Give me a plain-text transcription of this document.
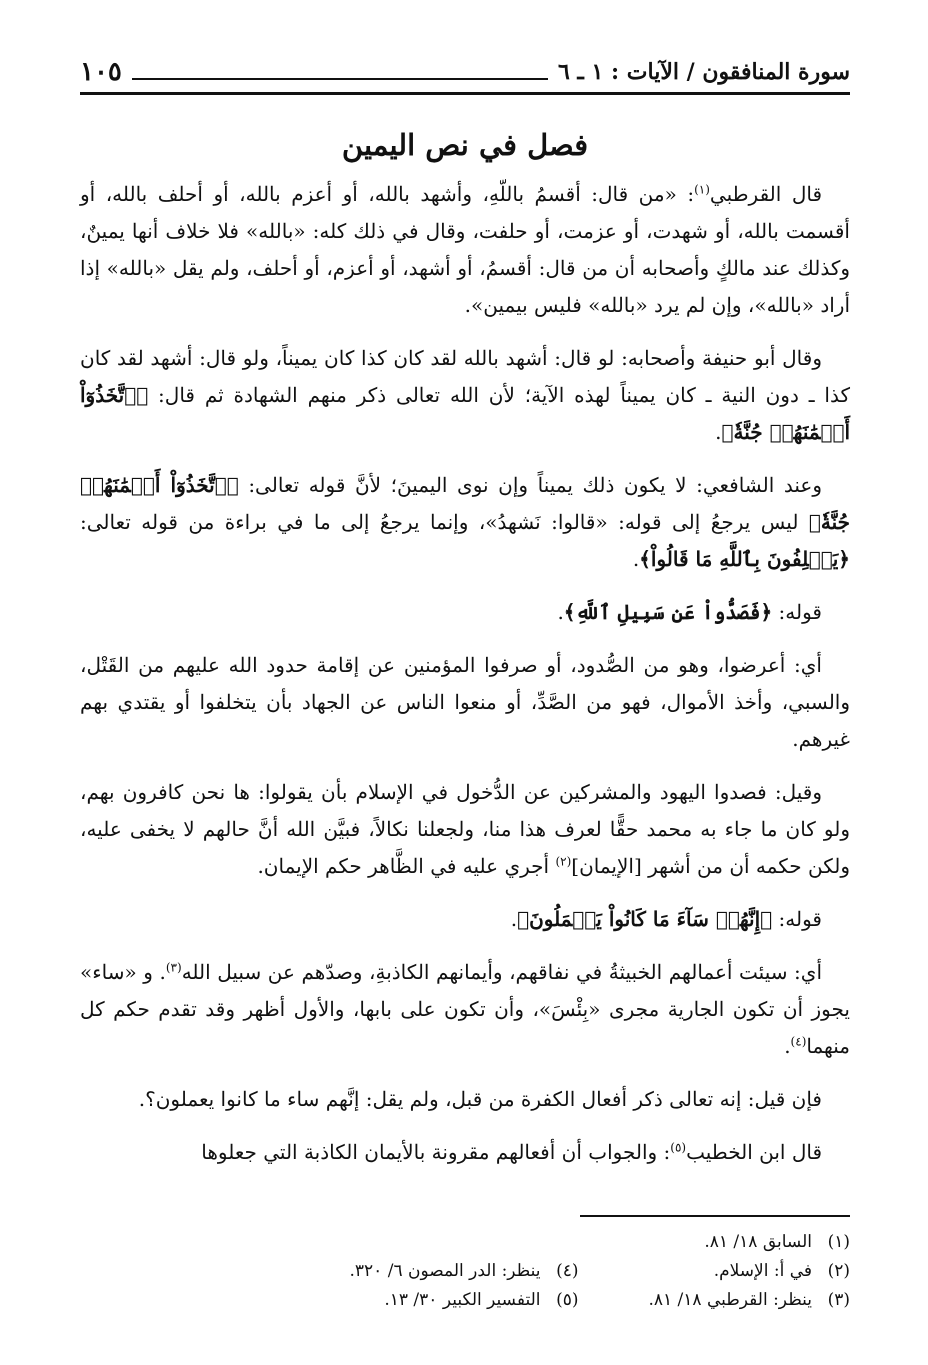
سورة المنافقون / الآيات : ١ ـ ٦
١٠٥
فصل في نص اليمين

قال القرطبي$^{(١)}$: «من قال: أقسمُ باللّهِ، وأشهد بالله، أو أعزم بالله، أو أحلف بالله، أو أقسمت بالله، أو شهدت، أو عزمت، أو حلفت، وقال في ذلك كله: «بالله» فلا خلاف أنها يمينٌ، وكذلك عند مالكٍ وأصحابه أن من قال: أقسمُ، أو أشهد، أو أعزم، أو أحلف، ولم يقل «بالله» إذا أراد «بالله»، وإن لم يرد «بالله» فليس بيمين».

وقال أبو حنيفة وأصحابه: لو قال: أشهد بالله لقد كان كذا كان يميناً، ولو قال: أشهد لقد كان كذا ـ دون النية ـ كان يميناً لهذه الآية؛ لأن الله تعالى ذكر منهم الشهادة ثم قال: ﴿ٱتَّخَذُوٓاْ أَيۡمَٰنَهُمۡ جُنَّةٗ﴾.

وعند الشافعي: لا يكون ذلك يميناً وإن نوى اليمينَ؛ لأنَّ قوله تعالى: ﴿ٱتَّخَذُوٓاْ أَيۡمَٰنَهُمۡ جُنَّةٗ﴾ ليس يرجعُ إلى قوله: «قالوا: نَشهدُ»، وإنما يرجعُ إلى ما في براءة من قوله تعالى: ﴿يَحۡلِفُونَ بِٱللَّهِ مَا قَالُواْ﴾.

قوله: ﴿فَصَدُّواْ عَن سَبِيلِ ٱللَّهِ﴾.

أي: أعرضوا، وهو من الصُّدود، أو صرفوا المؤمنين عن إقامة حدود الله عليهم من القَتْل، والسبي، وأخذ الأموال، فهو من الصَّدِّ، أو منعوا الناس عن الجهاد بأن يتخلفوا أو يقتدي بهم غيرهم.

وقيل: فصدوا اليهود والمشركين عن الدُّخول في الإسلام بأن يقولوا: ها نحن كافرون بهم، ولو كان ما جاء به محمد حقًّا لعرف هذا منا، ولجعلنا نكالاً، فبيَّن الله أنَّ حالهم لا يخفى عليه، ولكن حكمه أن من أشهر [الإيمان]$^{(٢)}$ أجري عليه في الظَّاهر حكم الإيمان.

قوله: ﴿إِنَّهُمۡ سَآءَ مَا كَانُواْ يَعۡمَلُونَ﴾.

أي: سيئت أعمالهم الخبيثةُ في نفاقهم، وأيمانهم الكاذبةِ، وصدّهم عن سبيل الله$^{(٣)}$. و «ساء» يجوز أن تكون الجارية مجرى «بِئْسَ»، وأن تكون على بابها، والأول أظهر وقد تقدم حكم كل منهما$^{(٤)}$.

فإن قيل: إنه تعالى ذكر أفعال الكفرة من قبل، ولم يقل: إنَّهم ساء ما كانوا يعملون؟.

قال ابن الخطيب$^{(٥)}$: والجواب أن أفعالهم مقرونة بالأيمان الكاذبة التي جعلوها

(١)السابق ١٨/ ٨١.
(٢)في أ: الإسلام.
(٣)ينظر: القرطبي ١٨/ ٨١.
(٤)ينظر: الدر المصون ٦/ ٣٢٠.
(٥)التفسير الكبير ٣٠/ ١٣.
